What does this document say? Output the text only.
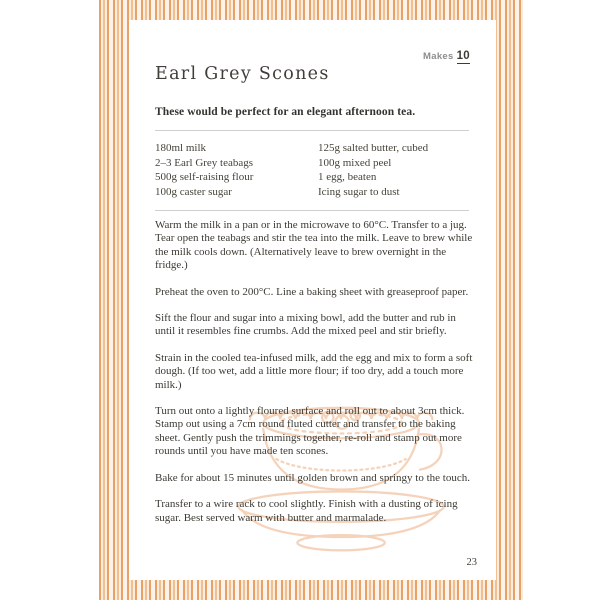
Makes 10
Earl Grey Scones
These would be perfect for an elegant afternoon tea.
180ml milk
2–3 Earl Grey teabags
500g self-raising flour
100g caster sugar
125g salted butter, cubed
100g mixed peel
1 egg, beaten
Icing sugar to dust

Warm the milk in a pan or in the microwave to 60°C. Transfer to a jug. Tear open the teabags and stir the tea into the milk. Leave to brew while the milk cools down. (Alternatively leave to brew overnight in the fridge.)

Preheat the oven to 200°C. Line a baking sheet with greaseproof paper.

Sift the flour and sugar into a mixing bowl, add the butter and rub in until it resembles fine crumbs. Add the mixed peel and stir briefly.

Strain in the cooled tea-infused milk, add the egg and mix to form a soft dough. (If too wet, add a little more flour; if too dry, add a touch more milk.)

Turn out onto a lightly floured surface and roll out to about 3cm thick. Stamp out using a 7cm round fluted cutter and transfer to the baking sheet. Gently push the trimmings together, re-roll and stamp out more rounds until you have made ten scones.

Bake for about 15 minutes until golden brown and springy to the touch.

Transfer to a wire rack to cool slightly. Finish with a dusting of icing sugar. Best served warm with butter and marmalade.

23
